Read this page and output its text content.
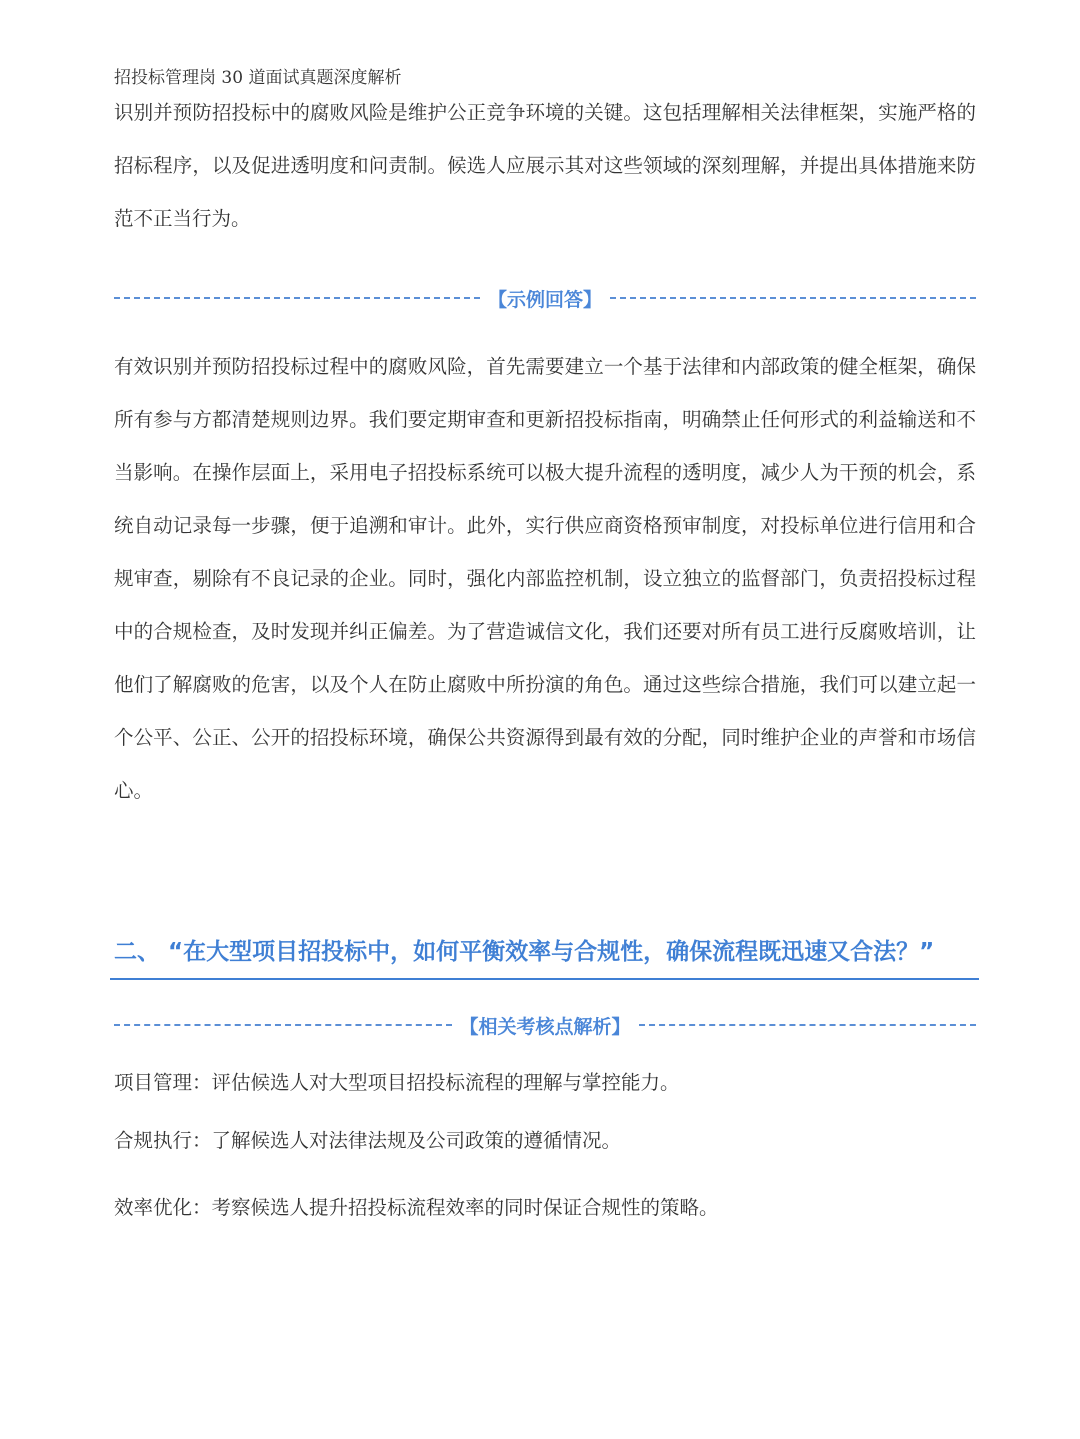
招投标管理岗 30 道面试真题深度解析
识别并预防招投标中的腐败风险是维护公正竞争环境的关键。这包括理解相关法律框架，实施严格的招标程序，以及促进透明度和问责制。候选人应展示其对这些领域的深刻理解，并提出具体措施来防范不正当行为。
【示例回答】
有效识别并预防招投标过程中的腐败风险，首先需要建立一个基于法律和内部政策的健全框架，确保所有参与方都清楚规则边界。我们要定期审查和更新招投标指南，明确禁止任何形式的利益输送和不当影响。在操作层面上，采用电子招投标系统可以极大提升流程的透明度，减少人为干预的机会，系统自动记录每一步骤，便于追溯和审计。此外，实行供应商资格预审制度，对投标单位进行信用和合规审查，剔除有不良记录的企业。同时，强化内部监控机制，设立独立的监督部门，负责招投标过程中的合规检查，及时发现并纠正偏差。为了营造诚信文化，我们还要对所有员工进行反腐败培训，让他们了解腐败的危害，以及个人在防止腐败中所扮演的角色。通过这些综合措施，我们可以建立起一个公平、公正、公开的招投标环境，确保公共资源得到最有效的分配，同时维护企业的声誉和市场信心。
二、 “在大型项目招投标中，如何平衡效率与合规性，确保流程既迅速又合法？”
【相关考核点解析】
项目管理：评估候选人对大型项目招投标流程的理解与掌控能力。
合规执行：了解候选人对法律法规及公司政策的遵循情况。
效率优化：考察候选人提升招投标流程效率的同时保证合规性的策略。
